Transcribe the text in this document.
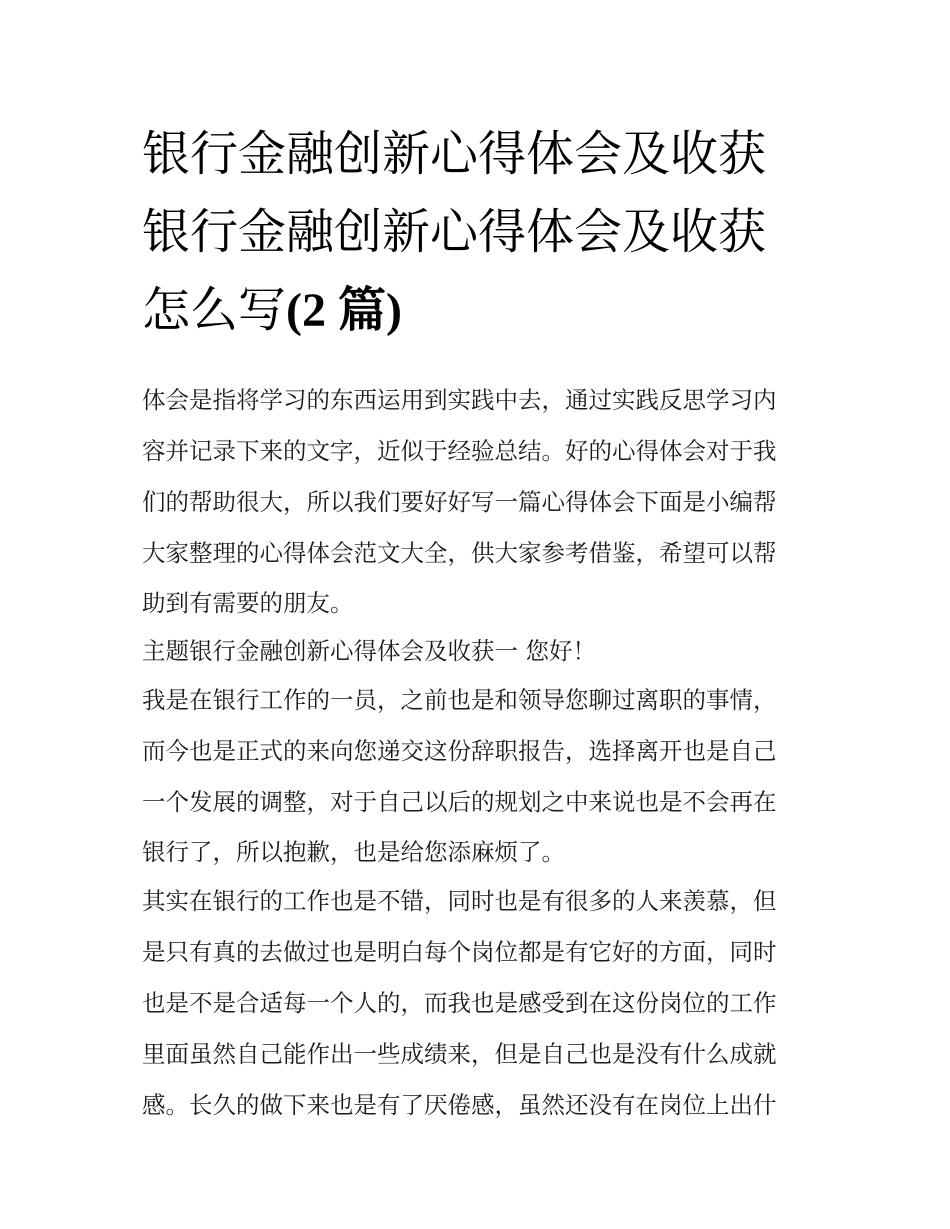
银行金融创新心得体会及收获
银行金融创新心得体会及收获
怎么写(2 篇)

体会是指将学习的东西运用到实践中去，通过实践反思学习内
容并记录下来的文字，近似于经验总结。好的心得体会对于我
们的帮助很大，所以我们要好好写一篇心得体会下面是小编帮
大家整理的心得体会范文大全，供大家参考借鉴，希望可以帮
助到有需要的朋友。

主题银行金融创新心得体会及收获一 您好！

我是在银行工作的一员，之前也是和领导您聊过离职的事情，
而今也是正式的来向您递交这份辞职报告，选择离开也是自己
一个发展的调整，对于自己以后的规划之中来说也是不会再在
银行了，所以抱歉，也是给您添麻烦了。

其实在银行的工作也是不错，同时也是有很多的人来羡慕，但
是只有真的去做过也是明白每个岗位都是有它好的方面，同时
也是不是合适每一个人的，而我也是感受到在这份岗位的工作
里面虽然自己能作出一些成绩来，但是自己也是没有什么成就
感。长久的做下来也是有了厌倦感，虽然还没有在岗位上出什
